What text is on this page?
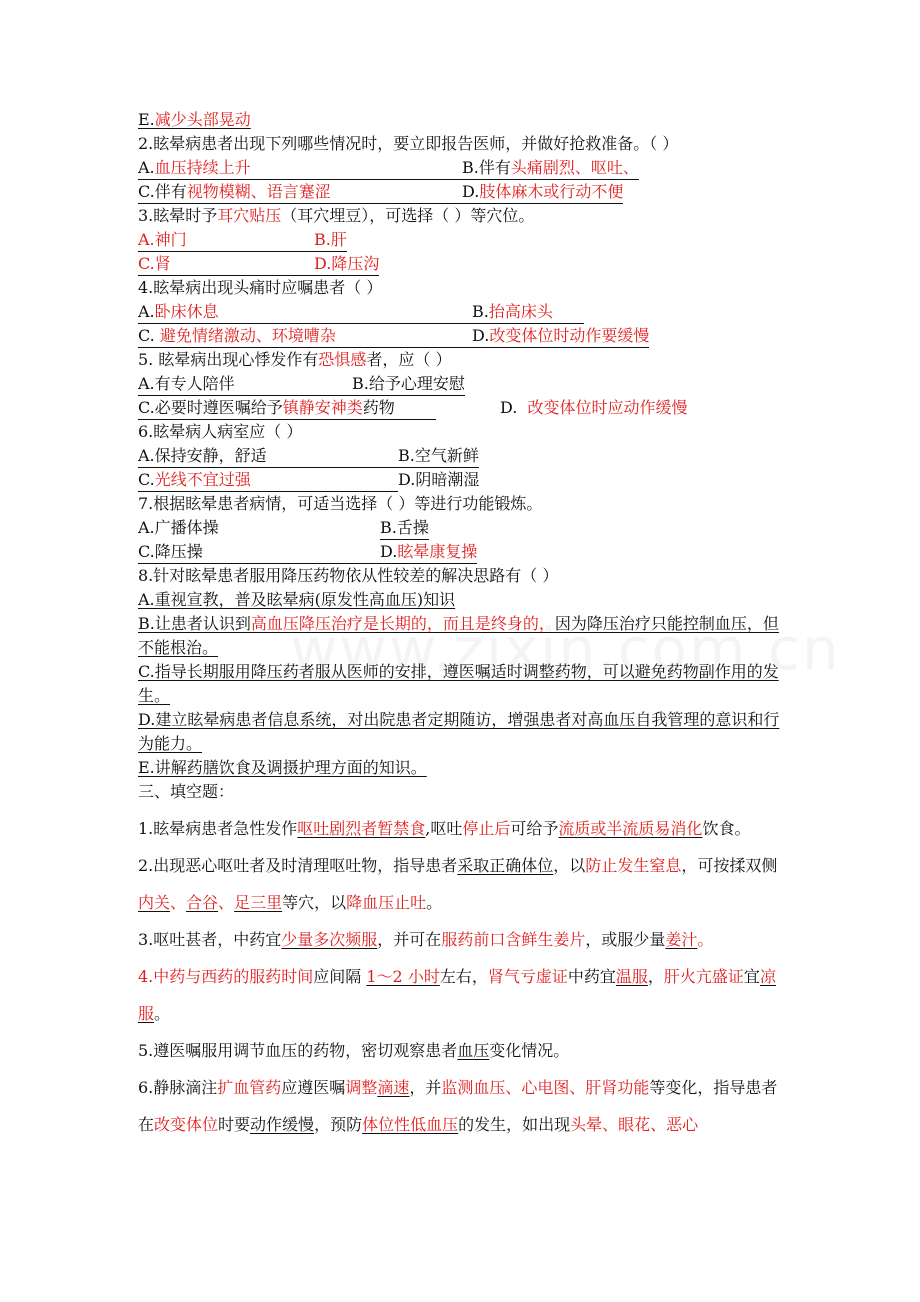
E.减少头部晃动
2.眩晕病患者出现下列哪些情况时，要立即报告医师，并做好抢救准备。（ ）
A.血压持续上升	B.伴有头痛剧烈、呕吐、
C.伴有视物模糊、语言蹇涩	D.肢体麻木或行动不便
3.眩晕时予耳穴贴压（耳穴埋豆），可选择（ ）等穴位。
A.神门	B.肝
C.肾	D.降压沟
4.眩晕病出现头痛时应嘱患者（ ）
A.卧床休息	B.抬高床头
C. 避免情绪激动、环境嘈杂	D.改变体位时动作要缓慢
5. 眩晕病出现心悸发作有恐惧感者，应（ ）
A.有专人陪伴	B.给予心理安慰
C.必要时遵医嘱给予镇静安神类药物	D. 改变体位时应动作缓慢
6.眩晕病人病室应（ ）
A.保持安静，舒适	B.空气新鲜
C.光线不宜过强	D.阴暗潮湿
7.根据眩晕患者病情，可适当选择（ ）等进行功能锻炼。
A.广播体操	B.舌操
C.降压操	D.眩晕康复操
8.针对眩晕患者服用降压药物依从性较差的解决思路有（ ）
A.重视宣教，普及眩晕病(原发性高血压)知识
B.让患者认识到高血压降压治疗是长期的，而且是终身的，因为降压治疗只能控制血压，但不能根治。
C.指导长期服用降压药者服从医师的安排，遵医嘱适时调整药物，可以避免药物副作用的发生。
D.建立眩晕病患者信息系统，对出院患者定期随访，增强患者对高血压自我管理的意识和行为能力。
E.讲解药膳饮食及调摄护理方面的知识。
三、填空题：

1.眩晕病患者急性发作呕吐剧烈者暂禁食,呕吐停止后可给予流质或半流质易消化饮食。

2.出现恶心呕吐者及时清理呕吐物，指导患者采取正确体位，以防止发生窒息，可按揉双侧内关、合谷、足三里等穴，以降血压止吐。

3.呕吐甚者，中药宜少量多次频服，并可在服药前口含鲜生姜片，或服少量姜汁。

4.中药与西药的服药时间应间隔 1～2 小时左右，肾气亏虚证中药宜温服，肝火亢盛证宜凉服。

5.遵医嘱服用调节血压的药物，密切观察患者血压变化情况。

6.静脉滴注扩血管药应遵医嘱调整滴速，并监测血压、心电图、肝肾功能等变化，指导患者在改变体位时要动作缓慢，预防体位性低血压的发生，如出现头晕、眼花、恶心
